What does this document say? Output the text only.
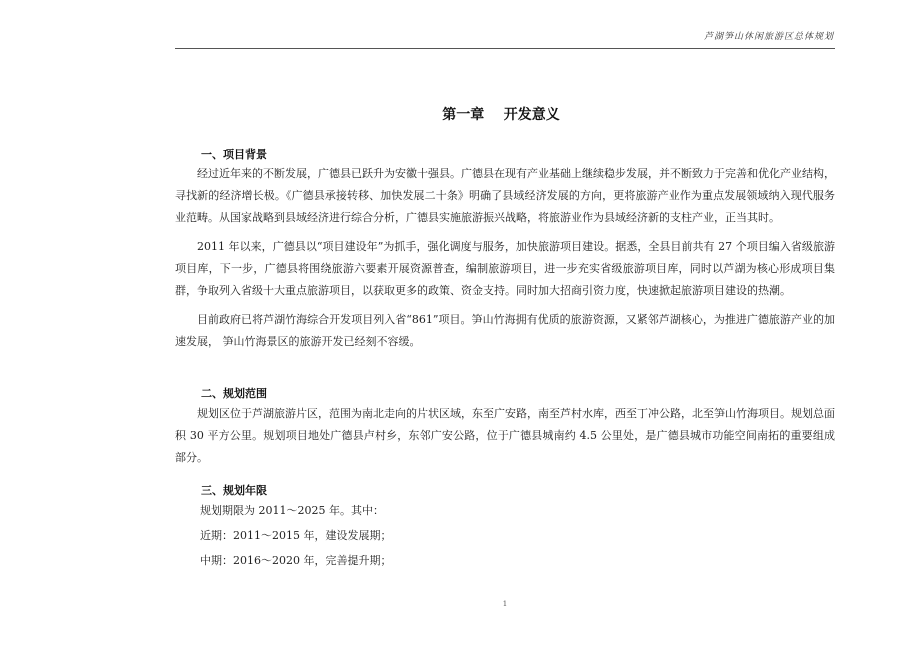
芦湖笋山休闲旅游区总体规划
第一章    开发意义
一、项目背景

经过近年来的不断发展，广德县已跃升为安徽十强县。广德县在现有产业基础上继续稳步发展，并不断致力于完善和优化产业结构，寻找新的经济增长极。《广德县承接转移、加快发展二十条》明确了县域经济发展的方向，更将旅游产业作为重点发展领域纳入现代服务业范畴。从国家战略到县域经济进行综合分析，广德县实施旅游振兴战略，将旅游业作为县域经济新的支柱产业，正当其时。

2011 年以来，广德县以“项目建设年”为抓手，强化调度与服务，加快旅游项目建设。据悉，全县目前共有 27 个项目编入省级旅游项目库，下一步，广德县将围绕旅游六要素开展资源普查，编制旅游项目，进一步充实省级旅游项目库，同时以芦湖为核心形成项目集群，争取列入省级十大重点旅游项目，以获取更多的政策、资金支持。同时加大招商引资力度，快速掀起旅游项目建设的热潮。

目前政府已将芦湖竹海综合开发项目列入省“861”项目。笋山竹海拥有优质的旅游资源，又紧邻芦湖核心，为推进广德旅游产业的加速发展， 笋山竹海景区的旅游开发已经刻不容缓。

二、规划范围

规划区位于芦湖旅游片区，范围为南北走向的片状区域，东至广安路，南至芦村水库，西至丁冲公路，北至笋山竹海项目。规划总面积 30 平方公里。规划项目地处广德县卢村乡，东邻广安公路，位于广德县城南约 4.5 公里处，是广德县城市功能空间南拓的重要组成部分。

三、规划年限
规划期限为 2011～2025 年。其中：
近期：2011～2015 年，建设发展期；
中期：2016～2020 年，完善提升期；
1
